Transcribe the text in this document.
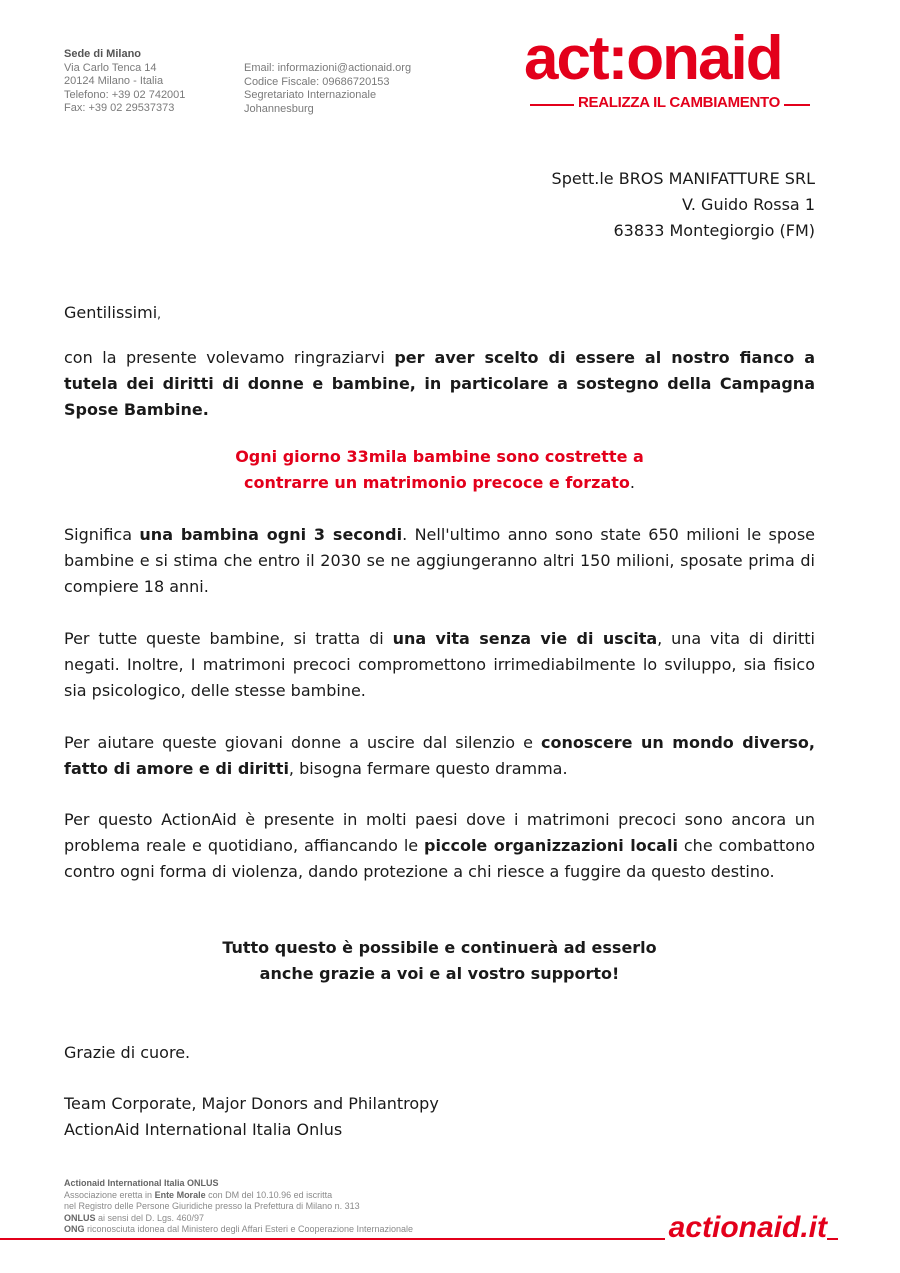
Sede di Milano
Via Carlo Tenca 14
20124 Milano - Italia
Telefono: +39 02 742001
Fax: +39 02 29537373
Email: informazioni@actionaid.org
Codice Fiscale: 09686720153
Segretariato Internazionale
Johannesburg
act:onaid
REALIZZA IL CAMBIAMENTO
Spett.le BROS MANIFATTURE SRL
V. Guido Rossa 1
63833 Montegiorgio (FM)
Gentilissimi,
con la presente volevamo ringraziarvi per aver scelto di essere al nostro fianco a tutela dei diritti di donne e bambine, in particolare a sostegno della Campagna Spose Bambine.
Ogni giorno 33mila bambine sono costrette a
contrarre un matrimonio precoce e forzato.
Significa una bambina ogni 3 secondi. Nell'ultimo anno sono state 650 milioni le spose bambine e si stima che entro il 2030 se ne aggiungeranno altri 150 milioni, sposate prima di compiere 18 anni.
Per tutte queste bambine, si tratta di una vita senza vie di uscita, una vita di diritti negati. Inoltre, I matrimoni precoci compromettono irrimediabilmente lo sviluppo, sia fisico sia psicologico, delle stesse bambine.
Per aiutare queste giovani donne a uscire dal silenzio e conoscere un mondo diverso, fatto di amore e di diritti, bisogna fermare questo dramma.
Per questo ActionAid è presente in molti paesi dove i matrimoni precoci sono ancora un problema reale e quotidiano, affiancando le piccole organizzazioni locali che combattono contro ogni forma di violenza, dando protezione a chi riesce a fuggire da questo destino.
Tutto questo è possibile e continuerà ad esserlo
anche grazie a voi e al vostro supporto!
Grazie di cuore.
Team Corporate, Major Donors and Philantropy
ActionAid International Italia Onlus
Actionaid International Italia ONLUS
Associazione eretta in Ente Morale con DM del 10.10.96 ed iscritta
nel Registro delle Persone Giuridiche presso la Prefettura di Milano n. 313
ONLUS ai sensi del D. Lgs. 460/97
ONG riconosciuta idonea dal Ministero degli Affari Esteri e Cooperazione Internazionale	actionaid.it
